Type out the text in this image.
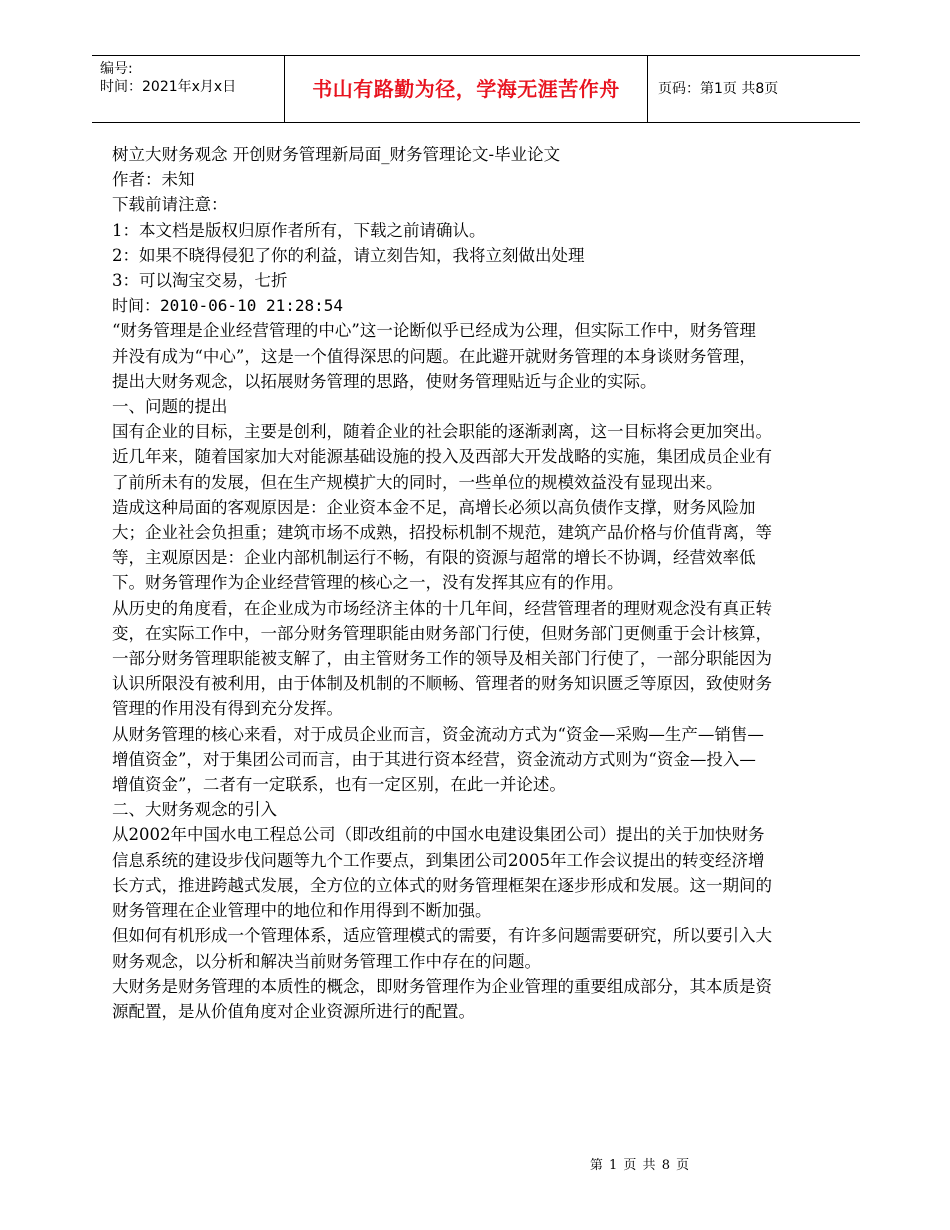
编号:
时间：2021年x月x日	书山有路勤为径，学海无涯苦作舟	页码：第1页 共8页

树立大财务观念 开创财务管理新局面_财务管理论文-毕业论文

作者：未知

下载前请注意：

1：本文档是版权归原作者所有，下载之前请确认。

2：如果不晓得侵犯了你的利益，请立刻告知，我将立刻做出处理

3：可以淘宝交易，七折

时间：2010-06-10 21:28:54

“财务管理是企业经营管理的中心”这一论断似乎已经成为公理，但实际工作中，财务管理并没有成为“中心”，这是一个值得深思的问题。在此避开就财务管理的本身谈财务管理，提出大财务观念，以拓展财务管理的思路，使财务管理贴近与企业的实际。

一、问题的提出

国有企业的目标，主要是创利，随着企业的社会职能的逐渐剥离，这一目标将会更加突出。近几年来，随着国家加大对能源基础设施的投入及西部大开发战略的实施，集团成员企业有了前所未有的发展，但在生产规模扩大的同时，一些单位的规模效益没有显现出来。

造成这种局面的客观原因是：企业资本金不足，高增长必须以高负债作支撑，财务风险加大；企业社会负担重；建筑市场不成熟，招投标机制不规范，建筑产品价格与价值背离，等等，主观原因是：企业内部机制运行不畅，有限的资源与超常的增长不协调，经营效率低下。财务管理作为企业经营管理的核心之一，没有发挥其应有的作用。

从历史的角度看，在企业成为市场经济主体的十几年间，经营管理者的理财观念没有真正转变，在实际工作中，一部分财务管理职能由财务部门行使，但财务部门更侧重于会计核算，一部分财务管理职能被支解了，由主管财务工作的领导及相关部门行使了，一部分职能因为认识所限没有被利用，由于体制及机制的不顺畅、管理者的财务知识匮乏等原因，致使财务管理的作用没有得到充分发挥。

从财务管理的核心来看，对于成员企业而言，资金流动方式为“资金—采购—生产—销售—增值资金”，对于集团公司而言，由于其进行资本经营，资金流动方式则为“资金—投入—增值资金”，二者有一定联系，也有一定区别，在此一并论述。

二、大财务观念的引入

从2002年中国水电工程总公司（即改组前的中国水电建设集团公司）提出的关于加快财务信息系统的建设步伐问题等九个工作要点，到集团公司2005年工作会议提出的转变经济增长方式，推进跨越式发展，全方位的立体式的财务管理框架在逐步形成和发展。这一期间的财务管理在企业管理中的地位和作用得到不断加强。

但如何有机形成一个管理体系，适应管理模式的需要，有许多问题需要研究，所以要引入大财务观念，以分析和解决当前财务管理工作中存在的问题。

大财务是财务管理的本质性的概念，即财务管理作为企业管理的重要组成部分，其本质是资源配置，是从价值角度对企业资源所进行的配置。

第 1 页 共 8 页
